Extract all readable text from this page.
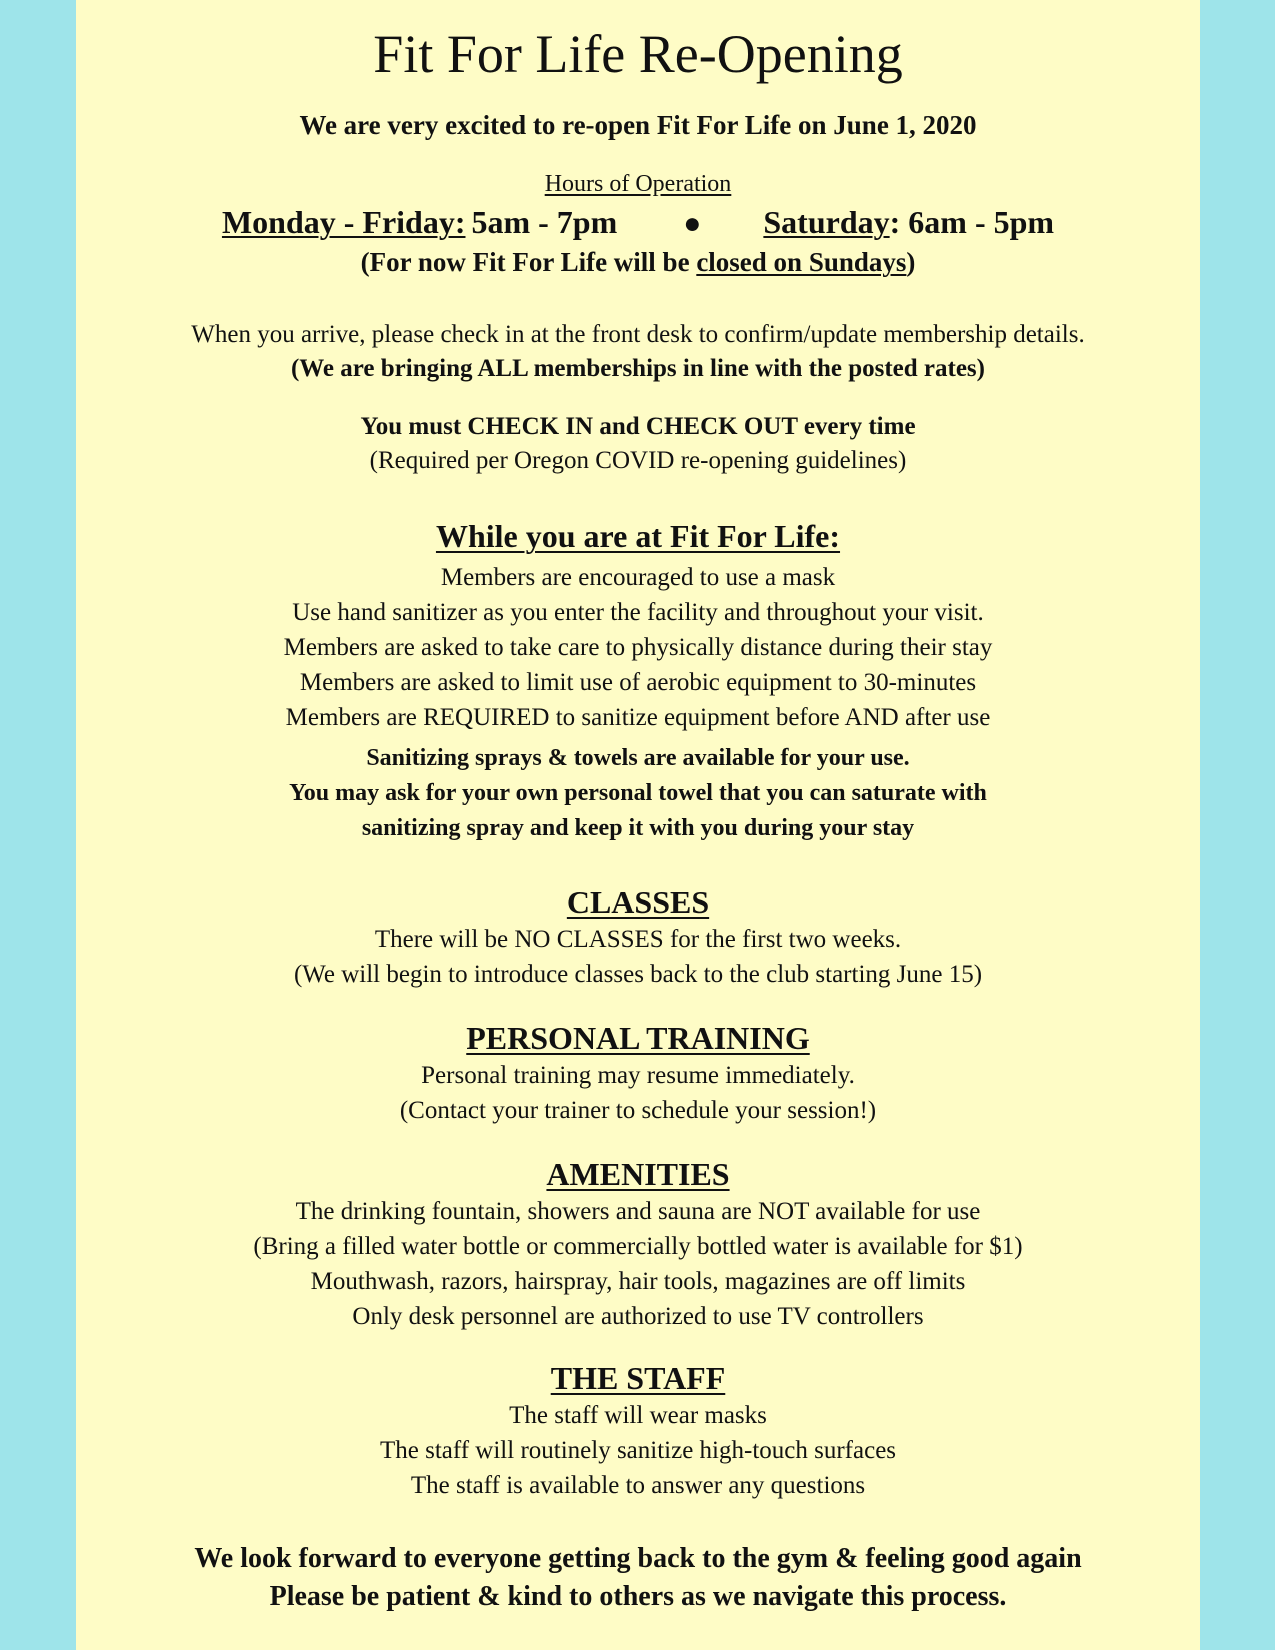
Fit For Life Re-Opening

We are very excited to re-open Fit For Life on June 1, 2020

Hours of Operation

Monday - Friday: 5am - 7pm ● Saturday: 6am - 5pm

(For now Fit For Life will be closed on Sundays)

When you arrive, please check in at the front desk to confirm/update membership details.

(We are bringing ALL memberships in line with the posted rates)

You must CHECK IN and CHECK OUT every time

(Required per Oregon COVID re-opening guidelines)

While you are at Fit For Life:

Members are encouraged to use a mask

Use hand sanitizer as you enter the facility and throughout your visit.

Members are asked to take care to physically distance during their stay

Members are asked to limit use of aerobic equipment to 30-minutes

Members are REQUIRED to sanitize equipment before AND after use

Sanitizing sprays & towels are available for your use.

You may ask for your own personal towel that you can saturate with

sanitizing spray and keep it with you during your stay

CLASSES

There will be NO CLASSES for the first two weeks.

(We will begin to introduce classes back to the club starting June 15)

PERSONAL TRAINING

Personal training may resume immediately.

(Contact your trainer to schedule your session!)

AMENITIES

The drinking fountain, showers and sauna are NOT available for use

(Bring a filled water bottle or commercially bottled water is available for $1)

Mouthwash, razors, hairspray, hair tools, magazines are off limits

Only desk personnel are authorized to use TV controllers

THE STAFF

The staff will wear masks

The staff will routinely sanitize high-touch surfaces

The staff is available to answer any questions

We look forward to everyone getting back to the gym & feeling good again

Please be patient & kind to others as we navigate this process.
